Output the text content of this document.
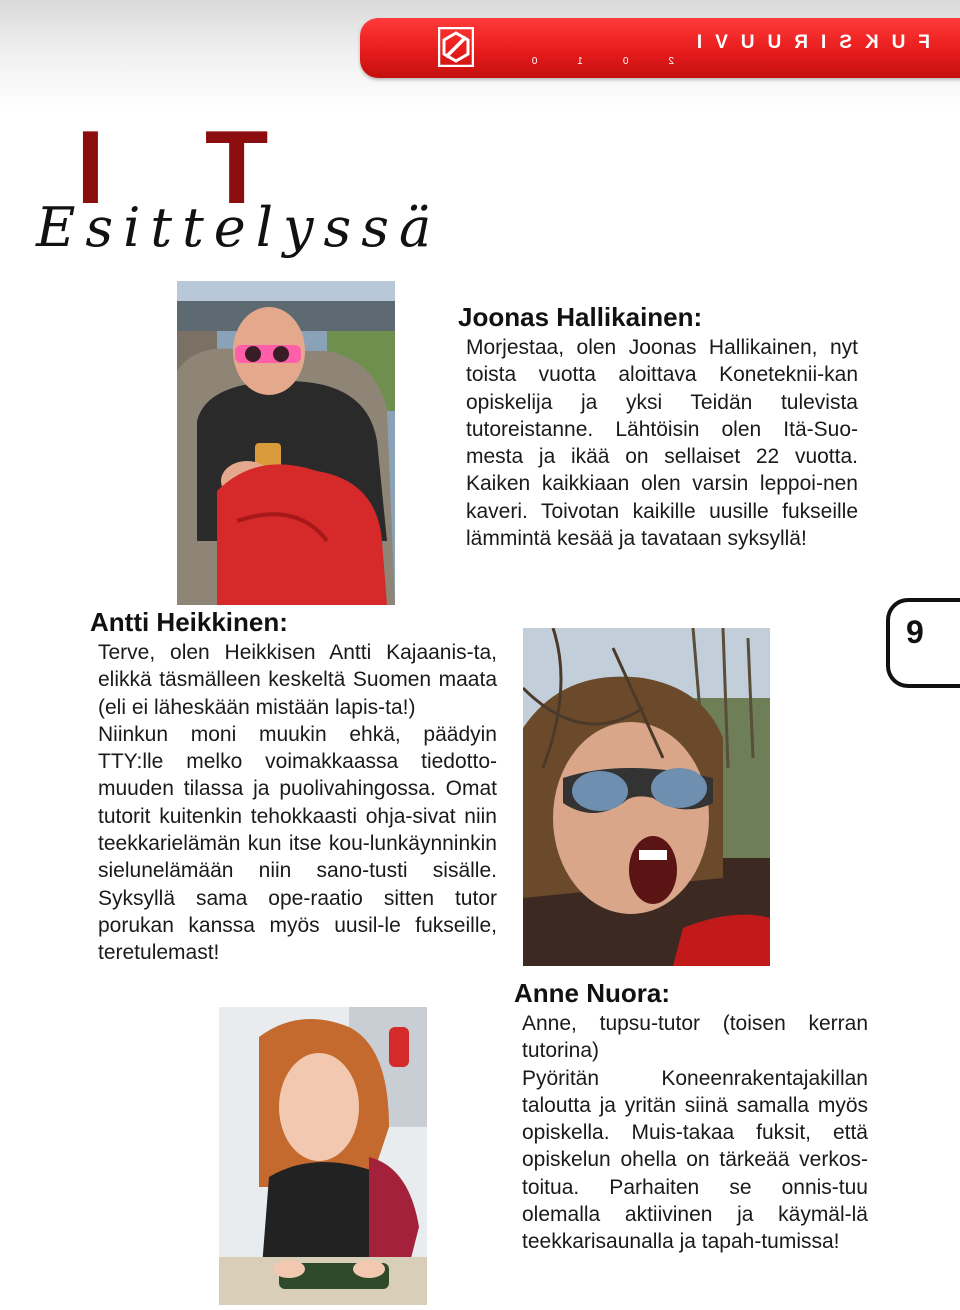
FUKSIRUUVI
2010
I T
Esittelyssä
Joonas Hallikainen:

Morjestaa, olen Joonas Hallikainen, nyt toista vuotta aloittava Koneteknii-kan opiskelija ja yksi Teidän tulevista tutoreistanne. Lähtöisin olen Itä-Suo-mesta ja ikää on sellaiset 22 vuotta. Kaiken kaikkiaan olen varsin leppoi-nen kaveri. Toivotan kaikille uusille fukseille lämmintä kesää ja tavataan syksyllä!

Antti Heikkinen:

Terve, olen Heikkisen Antti Kajaanis-ta, elikkä täsmälleen keskeltä Suomen maata (eli ei läheskään mistään lapis-ta!)

Niinkun moni muukin ehkä, päädyin TTY:lle melko voimakkaassa tiedotto-muuden tilassa ja puolivahingossa. Omat tutorit kuitenkin tehokkaasti ohja-sivat niin teekkarielämän kun itse kou-lunkäynninkin sielunelämään niin sano-tusti sisälle. Syksyllä sama ope-raatio sitten tutor porukan kanssa myös uusil-le fukseille, teretulemast!

Anne Nuora:

Anne, tupsu-tutor (toisen kerran tutorina)

Pyöritän Koneenrakentajakillan taloutta ja yritän siinä samalla myös opiskella. Muis-takaa fuksit, että opiskelun ohella on tärkeää verkos-toitua. Parhaiten se onnis-tuu olemalla aktiivinen ja käymäl-lä teekkarisaunalla ja tapah-tumissa!

9
